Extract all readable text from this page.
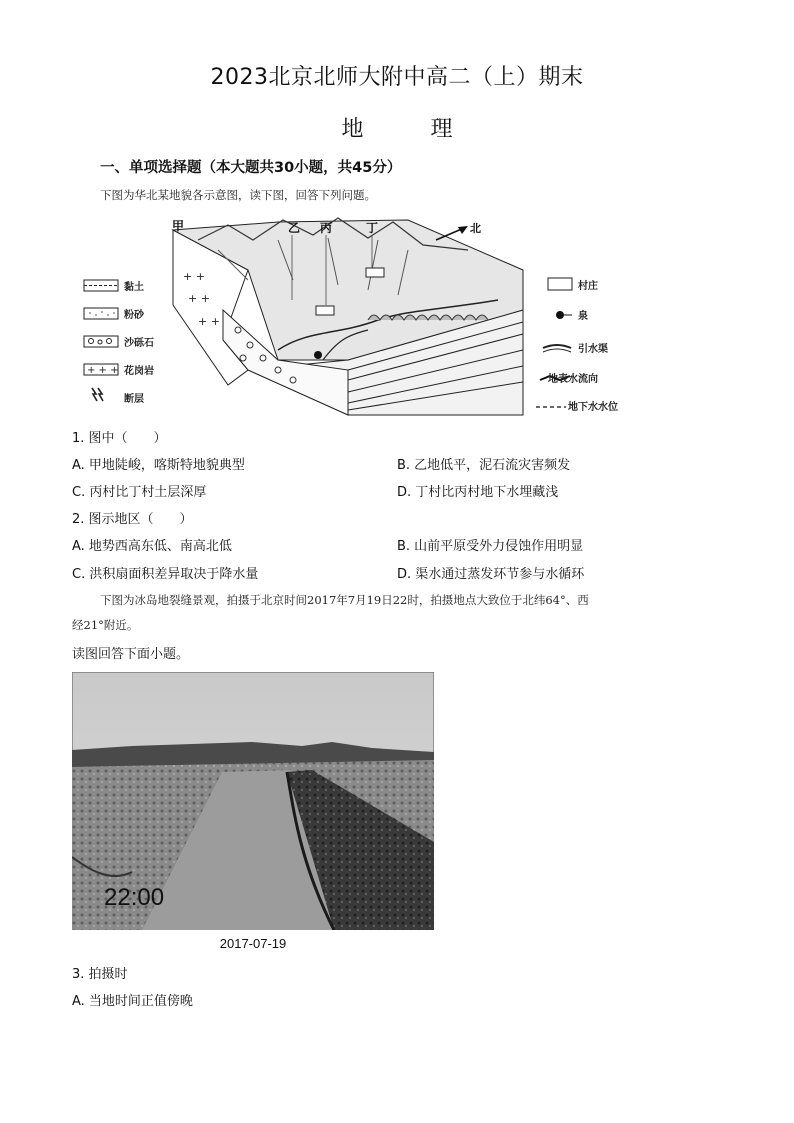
2023北京北师大附中高二（上）期末
地	理
一、单项选择题（本大题共30小题，共45分）
下图为华北某地貌各示意图，读下图，回答下列问题。
+ + +
黏土
粉砂
沙砾石
花岗岩
断层
+ +
+ +
+ +
甲	乙 丙	丁	北
村庄
泉
引水渠
地表水流向
地下水水位
1. 图中（　　）
A. 甲地陡峻，喀斯特地貌典型	B. 乙地低平，泥石流灾害频发
C. 丙村比丁村土层深厚	D. 丁村比丙村地下水埋藏浅
2. 图示地区（　　）
A. 地势西高东低、南高北低	B. 山前平原受外力侵蚀作用明显
C. 洪积扇面积差异取决于降水量	D. 渠水通过蒸发环节参与水循环
下图为冰岛地裂缝景观，拍摄于北京时间2017年7月19日22时，拍摄地点大致位于北纬64°、西
经21°附近。
读图回答下面小题。
22:00
2017-07-19
3. 拍摄时
A. 当地时间正值傍晚
